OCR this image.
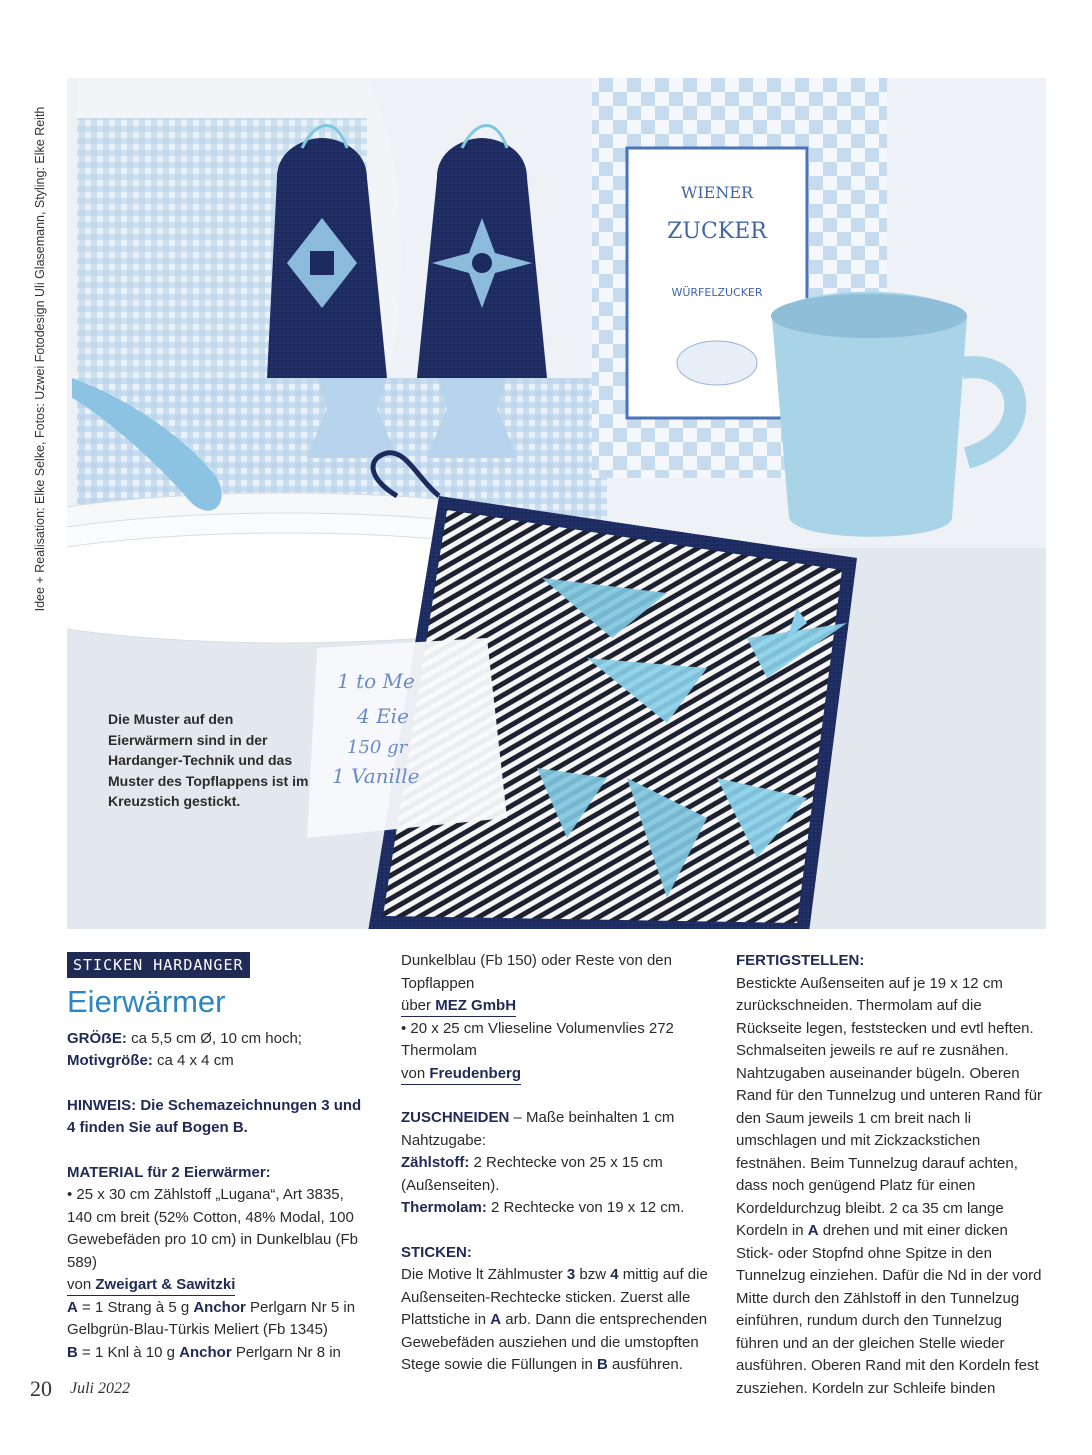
Idee + Realisation: Elke Selke, Fotos: Uzwei Fotodesign Uli Glasemann, Styling: Elke Reith	WIENER
ZUCKER
WÜRFELZUCKER
1 to Me
4 Eie
150 gr
1 Vanille
Die Muster auf den Eierwärmern sind in der Hardanger-Technik und das Muster des Topflappens ist im Kreuzstich gestickt.
STICKEN HARDANGER
Eierwärmer

GRÖẞE: ca 5,5 cm Ø, 10 cm hoch;

Motivgröße: ca 4 x 4 cm

HINWEIS: Die Schemazeichnungen 3 und 4 finden Sie auf Bogen B.

MATERIAL für 2 Eierwärmer:

• 25 x 30 cm Zählstoff „Lugana“, Art 3835, 140 cm breit (52% Cotton, 48% Modal, 100 Gewebefäden pro 10 cm) in Dunkelblau (Fb 589)

von Zweigart & Sawitzki

A = 1 Strang à 5 g Anchor Perlgarn Nr 5 in Gelbgrün-Blau-Türkis Meliert (Fb 1345)

B = 1 Knl à 10 g Anchor Perlgarn Nr 8 in

Dunkelblau (Fb 150) oder Reste von den Topflappen

über MEZ GmbH

• 20 x 25 cm Vlieseline Volumenvlies 272 Thermolam

von Freudenberg

ZUSCHNEIDEN – Maße beinhalten 1 cm Nahtzugabe:

Zählstoff: 2 Rechtecke von 25 x 15 cm (Außenseiten).

Thermolam: 2 Rechtecke von 19 x 12 cm.

STICKEN:

Die Motive lt Zählmuster 3 bzw 4 mittig auf die Außenseiten-Rechtecke sticken. Zuerst alle Plattstiche in A arb. Dann die entsprechenden Gewebefäden ausziehen und die umstopften Stege sowie die Füllungen in B ausführen.

FERTIGSTELLEN:

Bestickte Außenseiten auf je 19 x 12 cm zurückschneiden. Thermolam auf die Rückseite legen, feststecken und evtl heften. Schmalseiten jeweils re auf re zusnähen. Nahtzugaben auseinander bügeln. Oberen Rand für den Tunnelzug und unteren Rand für den Saum jeweils 1 cm breit nach li umschlagen und mit Zickzackstichen festnähen. Beim Tunnelzug darauf achten, dass noch genügend Platz für einen Kordeldurchzug bleibt. 2 ca 35 cm lange Kordeln in A drehen und mit einer dicken Stick- oder Stopfnd ohne Spitze in den Tunnelzug einziehen. Dafür die Nd in der vord Mitte durch den Zählstoff in den Tunnelzug einführen, rundum durch den Tunnelzug führen und an der gleichen Stelle wieder ausführen. Oberen Rand mit den Kordeln fest zusziehen. Kordeln zur Schleife binden

20 Juli 2022
